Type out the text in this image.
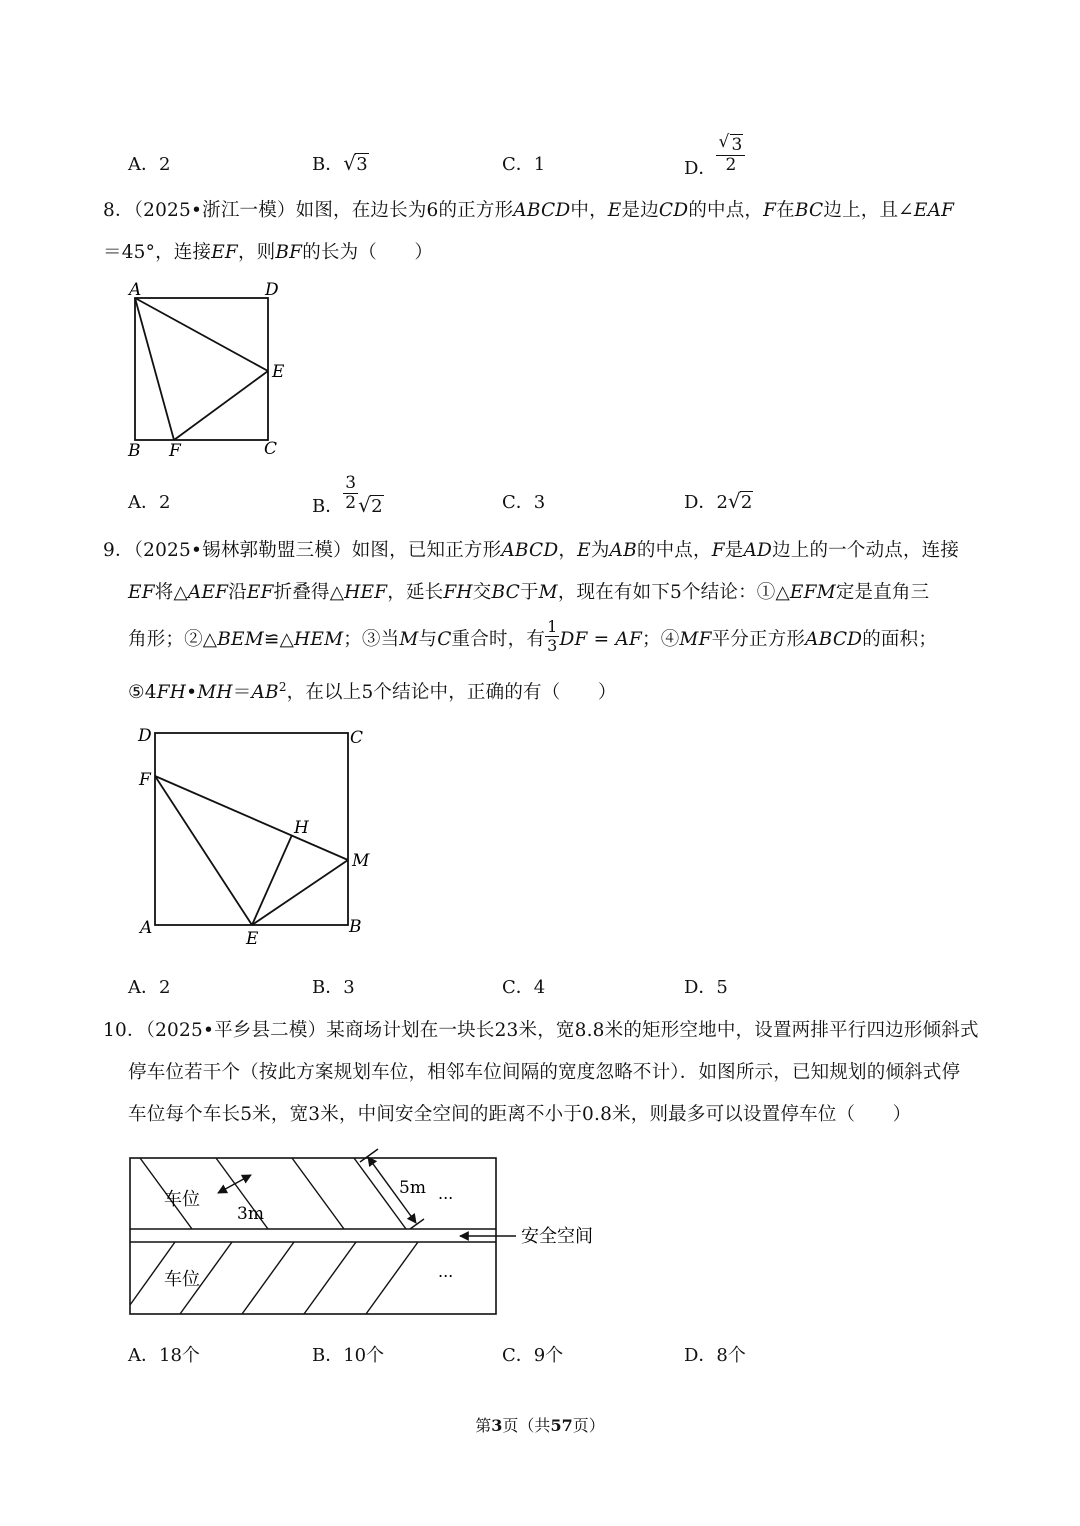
A．2	B． √ 3	C．1	D． $\frac{√ 3}{2}$
8．（2025•浙江一模）如图，在边长为6的正方形ABCD中，E是边CD的中点，F在BC边上，且∠EAF
＝45°，连接EF，则BF的长为（　　）
A	D
E
B F	C
A．2	B． $\frac{3}{2}$ √ 2	C．3	D．2 √ 2
9．（2025•锡林郭勒盟三模）如图，已知正方形ABCD，E为AB的中点，F是AD边上的一个动点，连接
EF将△AEF沿EF折叠得△HEF，延长FH交BC于M，现在有如下5个结论：①△EFM定是直角三
角形；②△BEM≌△HEM；③当M与C重合时，有 $\frac{1}{3}$ DF = AF；④MF平分正方形ABCD的面积；
$⑤4FH•MH=AB^2$，在以上5个结论中，正确的有（　　）
D	C
F
H
M
A
E
B
A．2	B．3	C．4	D．5
10．（2025•平乡县二模）某商场计划在一块长23米，宽8.8米的矩形空地中，设置两排平行四边形倾斜式
停车位若干个（按此方案规划车位，相邻车位间隔的宽度忽略不计）．如图所示，已知规划的倾斜式停
车位每个车长5米，宽3米，中间安全空间的距离不小于0.8米，则最多可以设置停车位（　　）
车位
3m
5m ...
车位	...
安全空间
A．18个	B．10个	C．9个	D．8个
第3页（共57页）
